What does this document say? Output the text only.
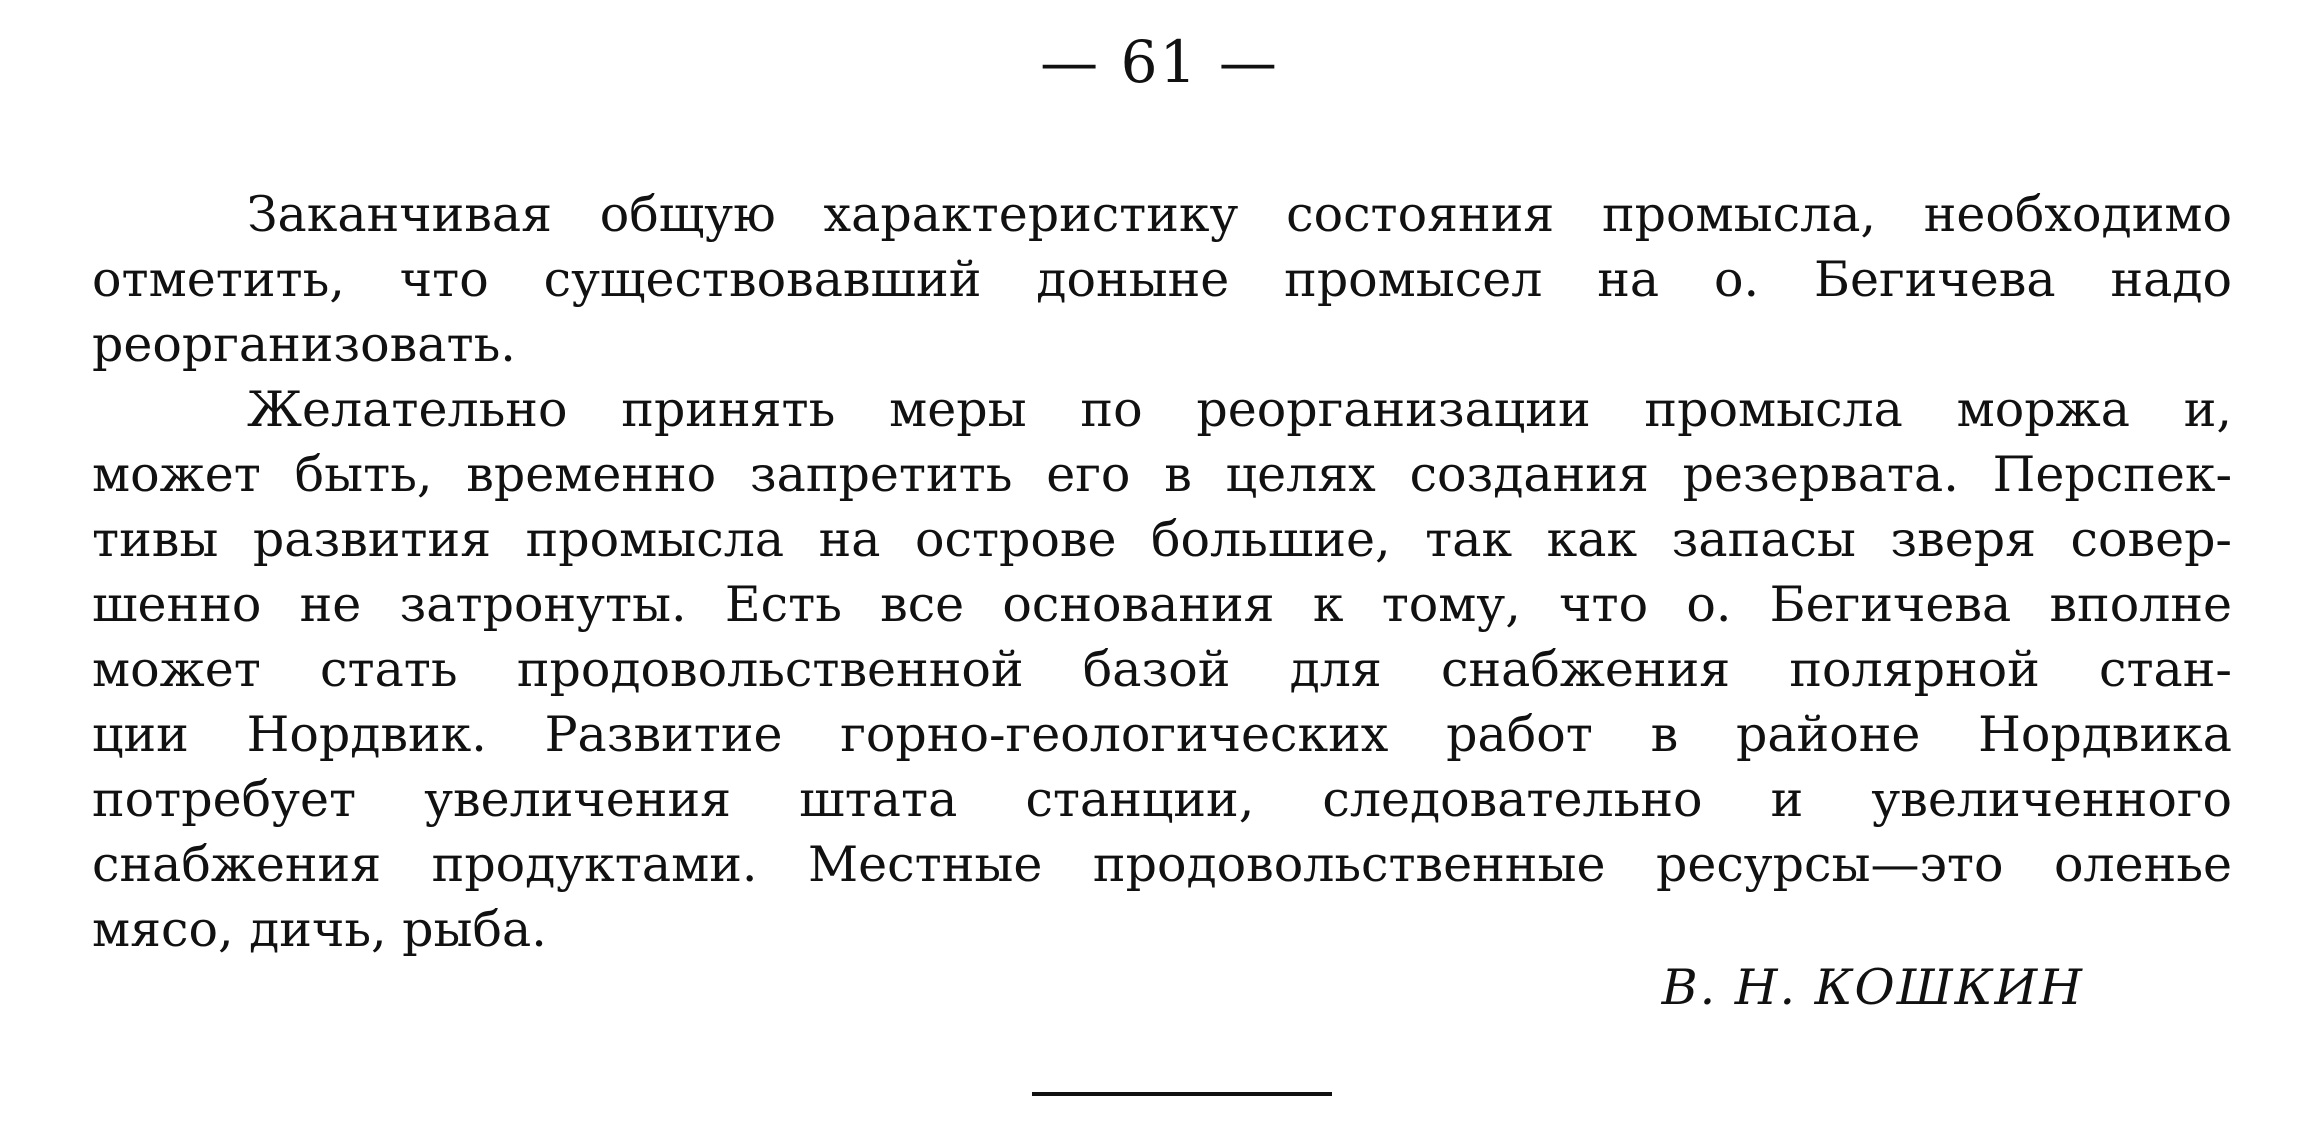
— 61 —
Заканчивая общую характеристику состояния промысла, необходимо
отметить, что существовавший доныне промысел на о. Бегичева надо
реорганизовать.
Желательно принять меры по реорганизации промысла моржа и,
может быть, временно запретить его в целях создания резервата. Перспек-
тивы развития промысла на острове большие, так как запасы зверя совер-
шенно не затронуты. Есть все основания к тому, что о. Бегичева вполне
может стать продовольственной базой для снабжения полярной стан-
ции Нордвик. Развитие горно-геологических работ в районе Нордвика
потребует увеличения штата станции, следовательно и увеличенного
снабжения продуктами. Местные продовольственные ресурсы—это оленье
мясо, дичь, рыба.
В. Н. КОШКИН
